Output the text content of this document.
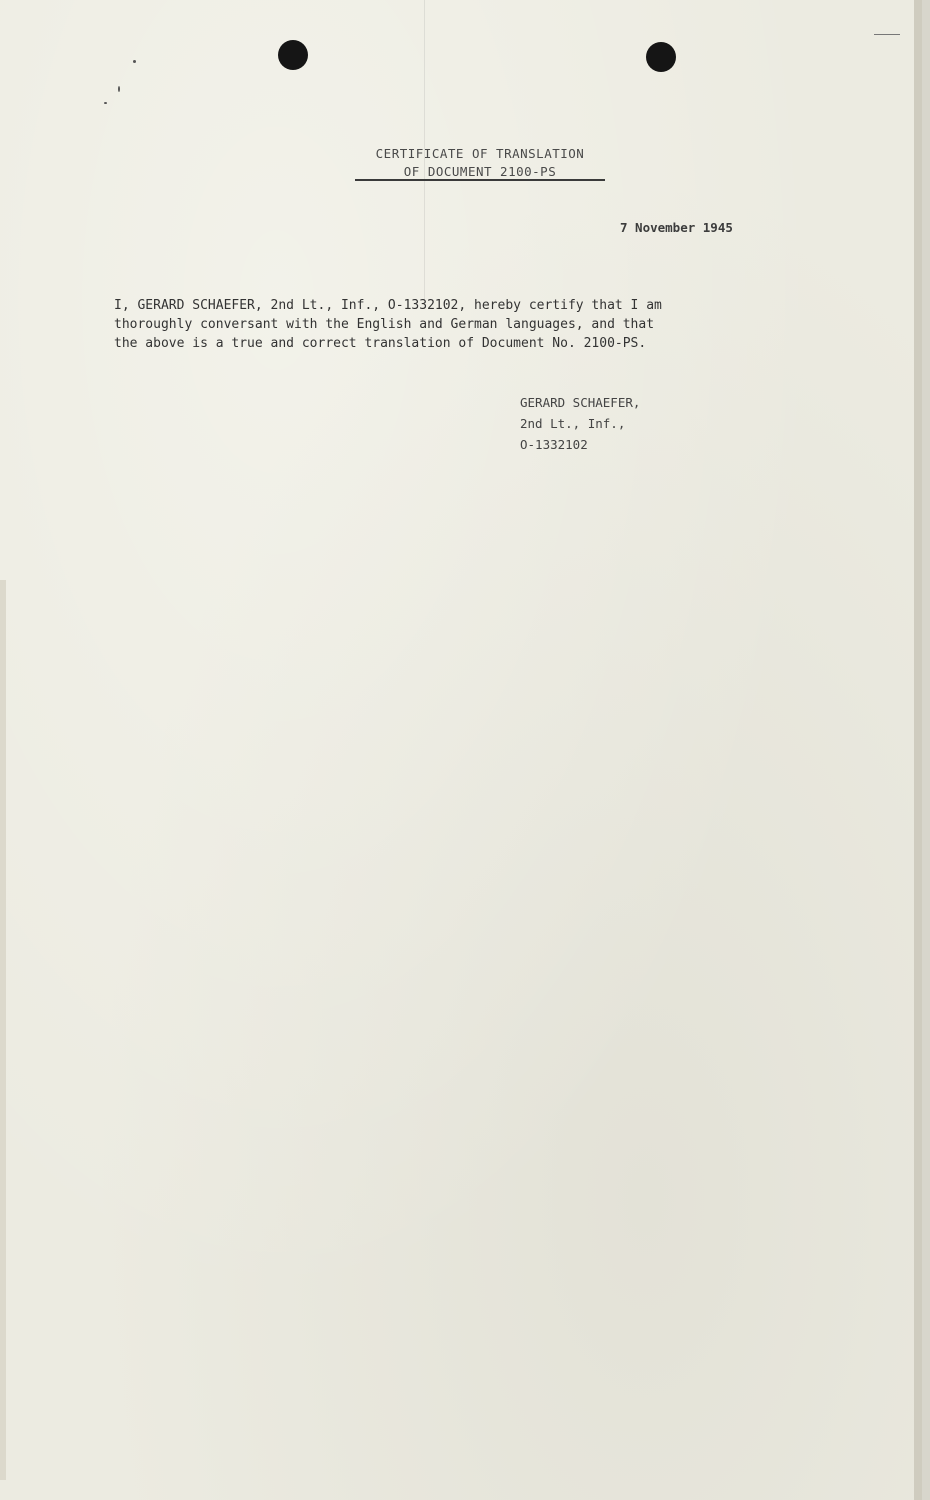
CERTIFICATE OF TRANSLATION
OF DOCUMENT 2100-PS
7 November 1945
I, GERARD SCHAEFER, 2nd Lt., Inf., O-1332102, hereby certify that I am
thoroughly conversant with the English and German languages, and that
the above is a true and correct translation of Document No. 2100-PS.
GERARD SCHAEFER,
2nd Lt., Inf.,
O-1332102
